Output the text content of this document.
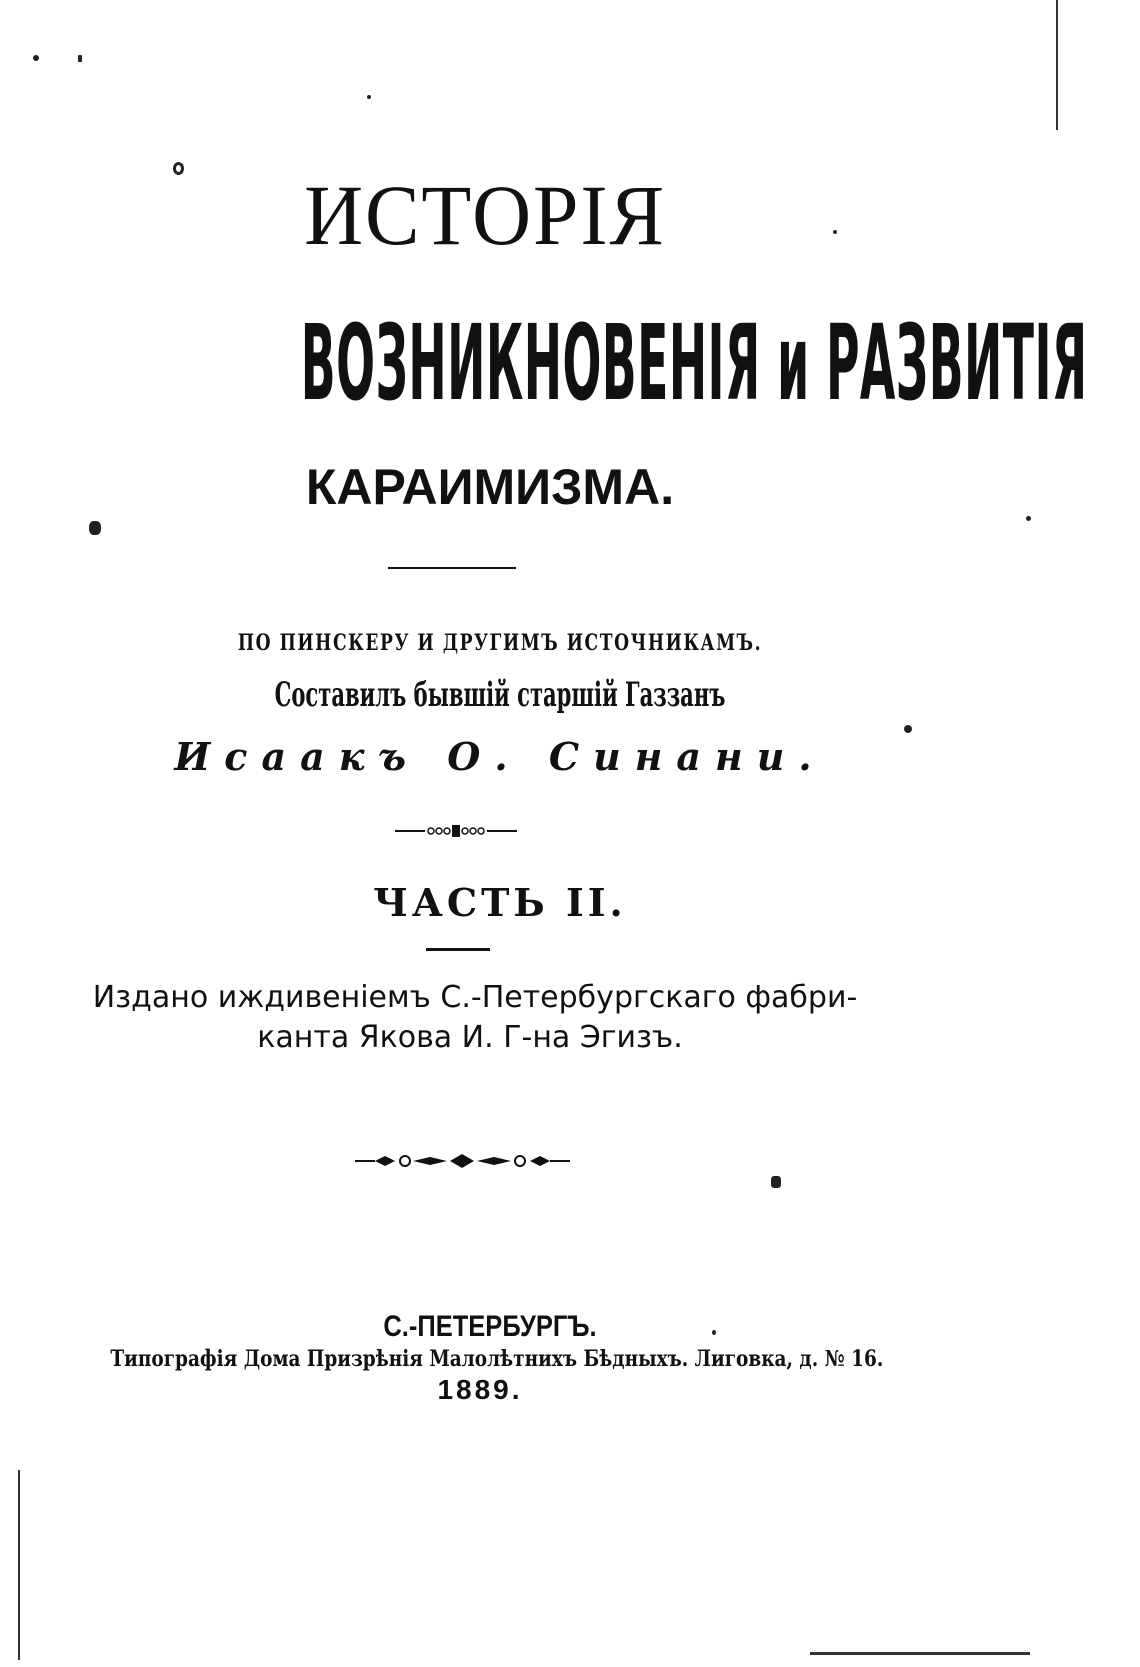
ИСТОРІЯ
ВОЗНИКНОВЕНІЯ и РАЗВИТІЯ
КАРАИМИЗМА.
ПО ПИНСКЕРУ И ДРУГИМЪ ИСТОЧНИКАМЪ.
Составилъ бывшій старшій Газзанъ
Исаакъ О. Синани.
ЧАСТЬ II.
Издано иждивеніемъ С.-Петербургскаго фабри-
канта Якова И. Г-на Эгизъ.
С.-ПЕТЕРБУРГЪ.
Типографія Дома Призрѣнія Малолѣтнихъ Бѣдныхъ. Лиговка, д. № 16.
1889.
